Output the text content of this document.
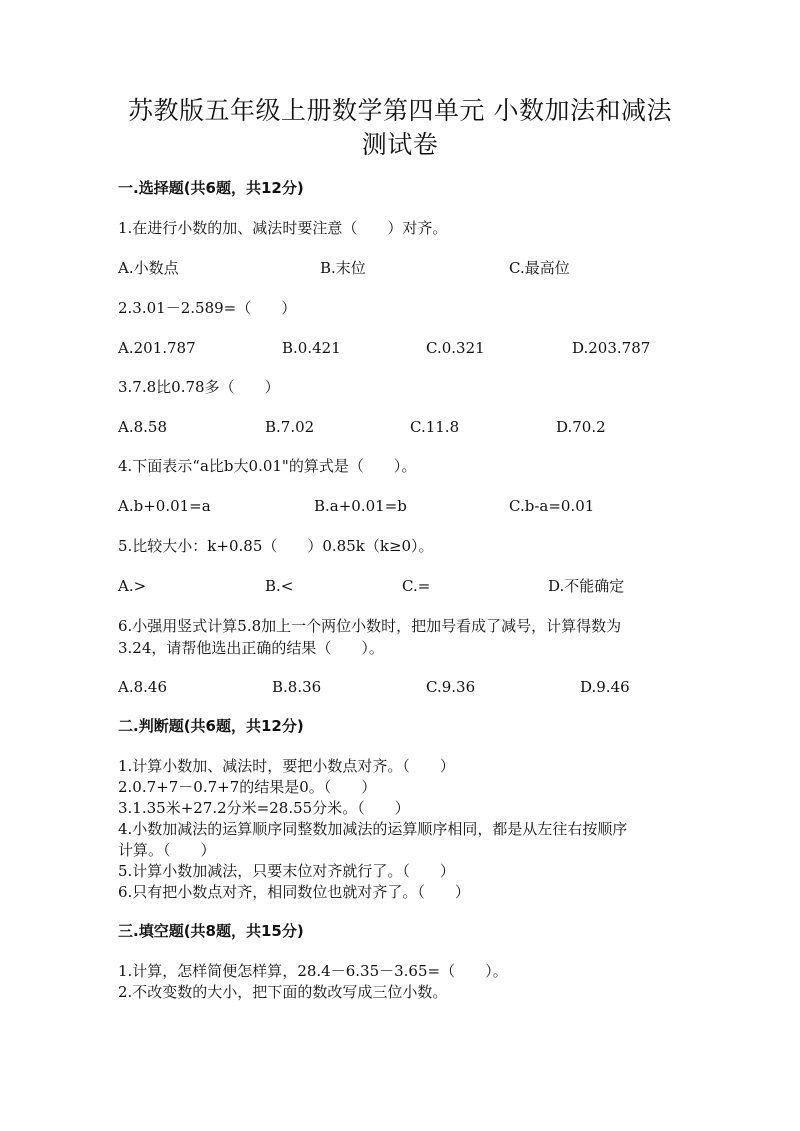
苏教版五年级上册数学第四单元 小数加法和减法
测试卷
一.选择题(共6题，共12分)
1.在进行小数的加、减法时要注意（　　）对齐。
A.小数点	B.末位	C.最高位
2.3.01－2.589=（　　）
A.201.787	B.0.421	C.0.321	D.203.787
3.7.8比0.78多（　　）
A.8.58	B.7.02	C.11.8	D.70.2
4.下面表示“a比b大0.01"的算式是（　　）。
A.b+0.01=a	B.a+0.01=b	C.b-a=0.01
5.比较大小：k+0.85（　　）0.85k（k≥0）。
A.>	B.<	C.=	D.不能确定
6.小强用竖式计算5.8加上一个两位小数时，把加号看成了减号，计算得数为
3.24，请帮他选出正确的结果（　　）。
A.8.46	B.8.36	C.9.36	D.9.46
二.判断题(共6题，共12分)
1.计算小数加、减法时，要把小数点对齐。（　　）
2.0.7+7－0.7+7的结果是0。（　　）
3.1.35米+27.2分米=28.55分米。（　　）
4.小数加减法的运算顺序同整数加减法的运算顺序相同，都是从左往右按顺序
计算。（　　）
5.计算小数加减法，只要末位对齐就行了。（　　）
6.只有把小数点对齐，相同数位也就对齐了。（　　）
三.填空题(共8题，共15分)
1.计算，怎样简便怎样算，28.4－6.35－3.65=（　　）。
2.不改变数的大小，把下面的数改写成三位小数。
